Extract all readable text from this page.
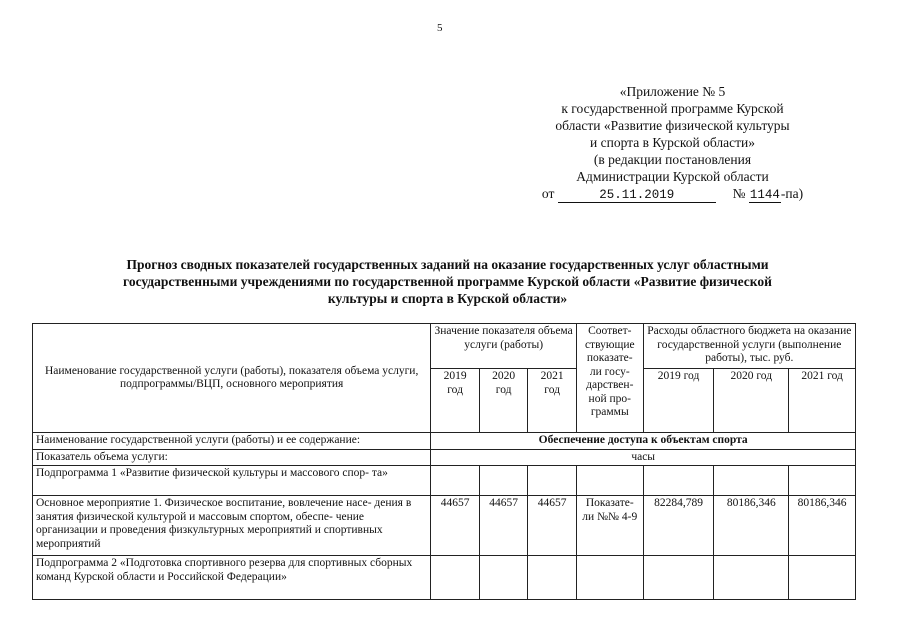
5
«Приложение № 5
к государственной программе Курской
области «Развитие физической культуры
и спорта в Курской области»
(в редакции постановления
Администрации Курской области
от	25.11.2019	№ 1144-па)
Прогноз сводных показателей государственных заданий на оказание государственных услуг областными
государственными учреждениями по государственной программе Курской области «Развитие физической
культуры и спорта в Курской области»
Наименование государственной услуги (работы), показателя объема услуги, подпрограммы/ВЦП, основного мероприятия	Значение показателя объема услуги (работы)			Соответ- ствующие показате- ли госу- дарствен- ной про- граммы	Расходы областного бюджета на оказание государственной услуги (выполнение работы), тыс. руб.		
	2019 год	2020 год	2021 год		2019 год	2020 год	2021 год
Наименование государственной услуги (работы) и ее содержание:	Обеспечение доступа к объектам спорта						
Показатель объема услуги:	часы						
Подпрограмма 1 «Развитие физической культуры и массового спор- та»							
Основное мероприятие 1. Физическое воспитание, вовлечение насе- дения в занятия физической культурой и массовым спортом, обеспе- чение организации и проведения физкультурных мероприятий и спортивных мероприятий	44657	44657	44657	Показате- ли №№ 4-9	82284,789	80186,346	80186,346
Подпрограмма 2 «Подготовка спортивного резерва для спортивных сборных команд Курской области и Российской Федерации»							
